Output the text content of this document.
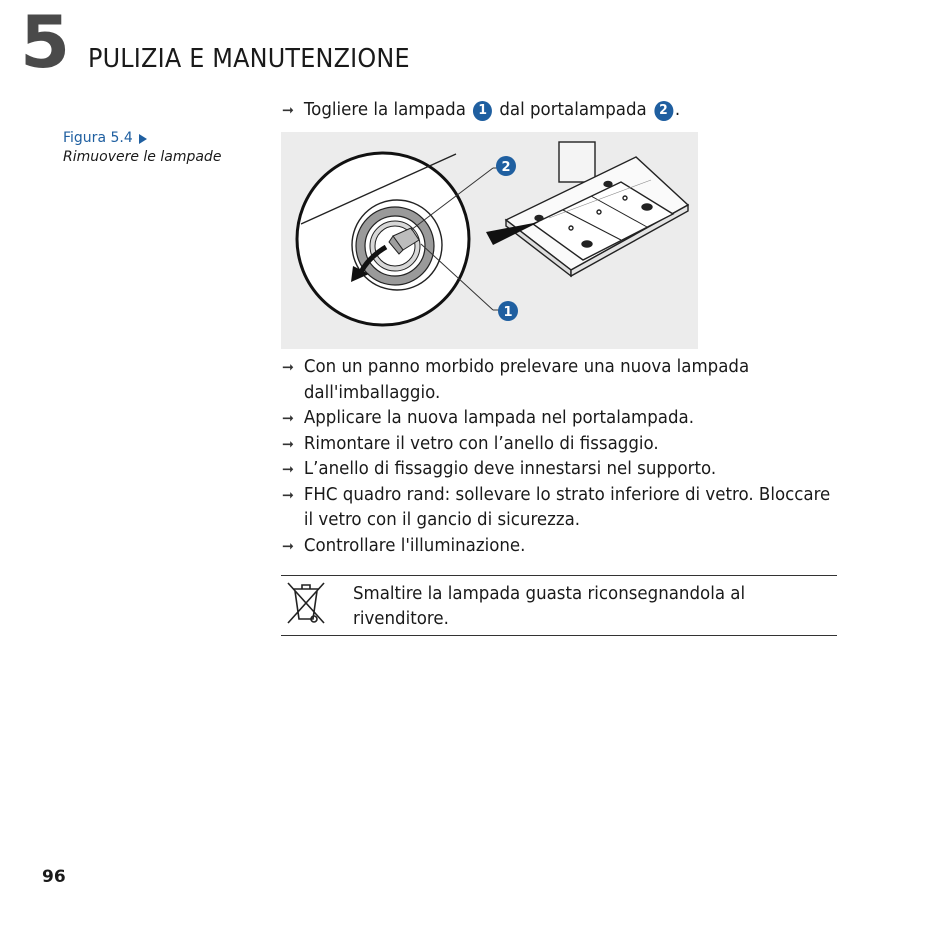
5 PULIZIA E MANUTENZIONE
Figura 5.4
Rimuovere le lampade
➞ Togliere la lampada 1 dal portalampada 2 .
2
1
➞ Con un panno morbido prelevare una nuova lampada dall'imballaggio.
➞ Applicare la nuova lampada nel portalampada.
➞ Rimontare il vetro con l’anello di fissaggio.
➞ L’anello di fissaggio deve innestarsi nel supporto.
➞ FHC quadro rand: sollevare lo strato inferiore di vetro. Bloccare il vetro con il gancio di sicurezza.
➞ Controllare l'illuminazione.
Smaltire la lampada guasta riconsegnandola al rivenditore.
96
